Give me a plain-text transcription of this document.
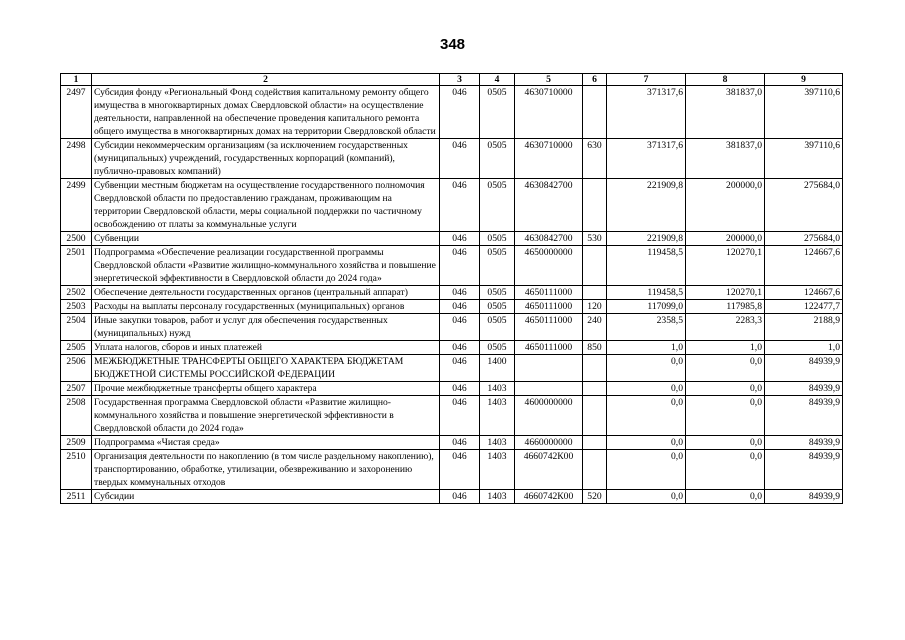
348
1	2	3	4	5	6	7	8	9
2497	Субсидия фонду «Региональный Фонд содействия капитальному ремонту общего имущества в многоквартирных домах Свердловской области» на осуществление деятельности, направленной на обеспечение проведения капитального ремонта общего имущества в многоквартирных домах на территории Свердловской области	046	0505	4630710000		371317,6	381837,0	397110,6
2498	Субсидии некоммерческим организациям (за исключением государственных (муниципальных) учреждений, государственных корпораций (компаний), публично-правовых компаний)	046	0505	4630710000	630	371317,6	381837,0	397110,6
2499	Субвенции местным бюджетам на осуществление государственного полномочия Свердловской области по предоставлению гражданам, проживающим на территории Свердловской области, меры социальной поддержки по частичному освобождению от платы за коммунальные услуги	046	0505	4630842700		221909,8	200000,0	275684,0
2500	Субвенции	046	0505	4630842700	530	221909,8	200000,0	275684,0
2501	Подпрограмма «Обеспечение реализации государственной программы Свердловской области «Развитие жилищно-коммунального хозяйства и повышение энергетической эффективности в Свердловской области до 2024 года»	046	0505	4650000000		119458,5	120270,1	124667,6
2502	Обеспечение деятельности государственных органов (центральный аппарат)	046	0505	4650111000		119458,5	120270,1	124667,6
2503	Расходы на выплаты персоналу государственных (муниципальных) органов	046	0505	4650111000	120	117099,0	117985,8	122477,7
2504	Иные закупки товаров, работ и услуг для обеспечения государственных (муниципальных) нужд	046	0505	4650111000	240	2358,5	2283,3	2188,9
2505	Уплата налогов, сборов и иных платежей	046	0505	4650111000	850	1,0	1,0	1,0
2506	МЕЖБЮДЖЕТНЫЕ ТРАНСФЕРТЫ ОБЩЕГО ХАРАКТЕРА БЮДЖЕТАМ БЮДЖЕТНОЙ СИСТЕМЫ РОССИЙСКОЙ ФЕДЕРАЦИИ	046	1400			0,0	0,0	84939,9
2507	Прочие межбюджетные трансферты общего характера	046	1403			0,0	0,0	84939,9
2508	Государственная программа Свердловской области «Развитие жилищно-коммунального хозяйства и повышение энергетической эффективности в Свердловской области до 2024 года»	046	1403	4600000000		0,0	0,0	84939,9
2509	Подпрограмма «Чистая среда»	046	1403	4660000000		0,0	0,0	84939,9
2510	Организация деятельности по накоплению (в том числе раздельному накоплению), транспортированию, обработке, утилизации, обезвреживанию и захоронению твердых коммунальных отходов	046	1403	4660742К00		0,0	0,0	84939,9
2511	Субсидии	046	1403	4660742К00	520	0,0	0,0	84939,9
